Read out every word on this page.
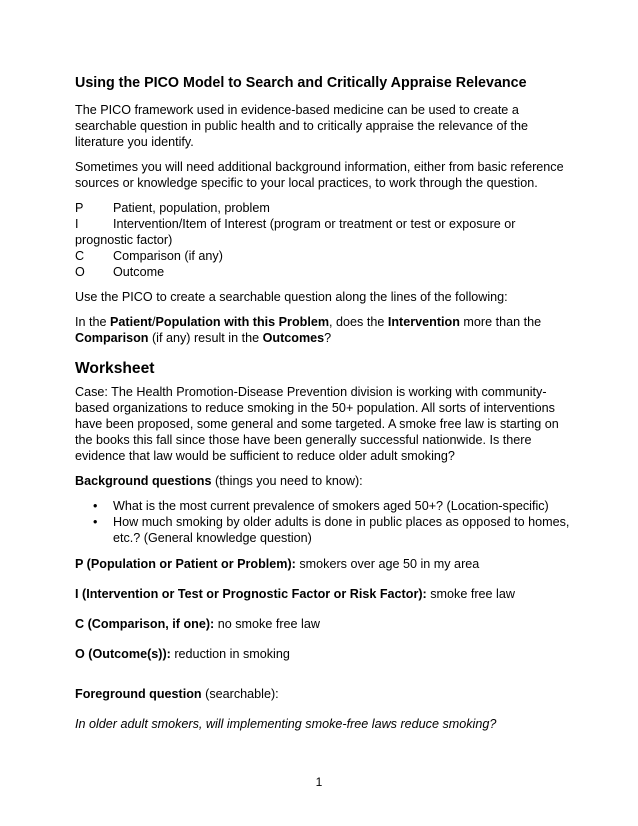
Using the PICO Model to Search and Critically Appraise Relevance

The PICO framework used in evidence-based medicine can be used to create a searchable question in public health and to critically appraise the relevance of the literature you identify.

Sometimes you will need additional background information, either from basic reference sources or knowledge specific to your local practices, to work through the question.

P Patient, population, problem
I	Intervention/Item of Interest (program or treatment or test or exposure or prognostic factor)
C Comparison (if any)
O Outcome

Use the PICO to create a searchable question along the lines of the following:

In the Patient/Population with this Problem, does the Intervention more than the Comparison (if any) result in the Outcomes?

Worksheet

Case: The Health Promotion-Disease Prevention division is working with community-based organizations to reduce smoking in the 50+ population. All sorts of interventions have been proposed, some general and some targeted. A smoke free law is starting on the books this fall since those have been generally successful nationwide. Is there evidence that law would be sufficient to reduce older adult smoking?

Background questions (things you need to know):

• What is the most current prevalence of smokers aged 50+? (Location-specific)
• How much smoking by older adults is done in public places as opposed to homes, etc.? (General knowledge question)

P (Population or Patient or Problem): smokers over age 50 in my area

I (Intervention or Test or Prognostic Factor or Risk Factor): smoke free law

C (Comparison, if one): no smoke free law

O (Outcome(s)): reduction in smoking

Foreground question (searchable):

In older adult smokers, will implementing smoke-free laws reduce smoking?

1
